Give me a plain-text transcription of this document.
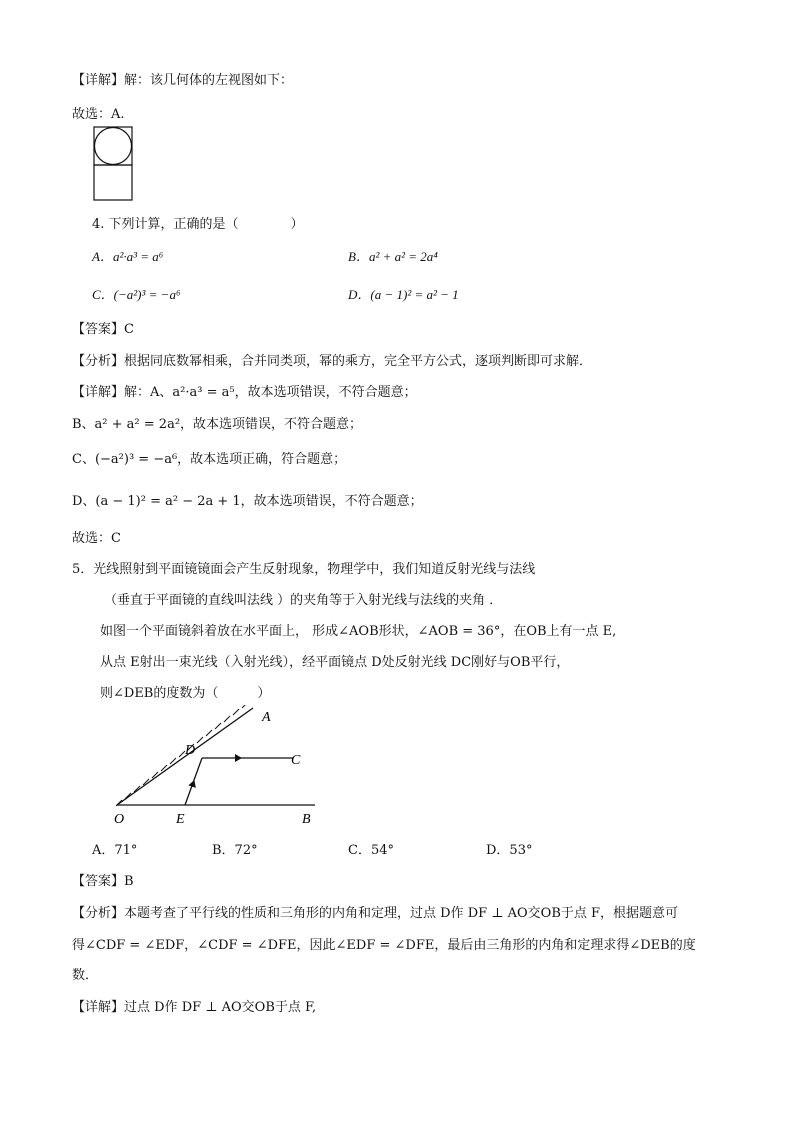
【详解】解：该几何体的左视图如下：
故选：A.
4. 下列计算，正确的是（　　　　）
A．a²·a³ = a⁶	B．a² + a² = 2a⁴
C．(−a²)³ = −a⁶	D．(a − 1)² = a² − 1
【答案】C
【分析】根据同底数幂相乘，合并同类项，幂的乘方，完全平方公式，逐项判断即可求解．
【详解】解：A、a²·a³ = a⁵，故本选项错误，不符合题意；
B、a² + a² = 2a²，故本选项错误，不符合题意；
C、(−a²)³ = −a⁶，故本选项正确，符合题意；
D、(a − 1)² = a² − 2a + 1，故本选项错误，不符合题意；
故选：C
5．光线照射到平面镜镜面会产生反射现象，物理学中，我们知道反射光线与法线
（垂直于平面镜的直线叫法线 ）的夹角等于入射光线与法线的夹角 ．
如图一个平面镜斜着放在水平面上， 形成∠AOB形状，∠AOB = 36°，在OB上有一点 E,
从点 E射出一束光线（入射光线），经平面镜点 D处反射光线 DC刚好与OB平行，
则∠DEB的度数为（　　　）
A
D
C
O	E	B
A．71°	B．72°	C．54°	D．53°
【答案】B
【分析】本题考查了平行线的性质和三角形的内角和定理，过点 D作 DF ⊥ AO交OB于点 F，根据题意可
得∠CDF = ∠EDF，∠CDF = ∠DFE，因此∠EDF = ∠DFE，最后由三角形的内角和定理求得∠DEB的度
数．
【详解】过点 D作 DF ⊥ AO交OB于点 F,
